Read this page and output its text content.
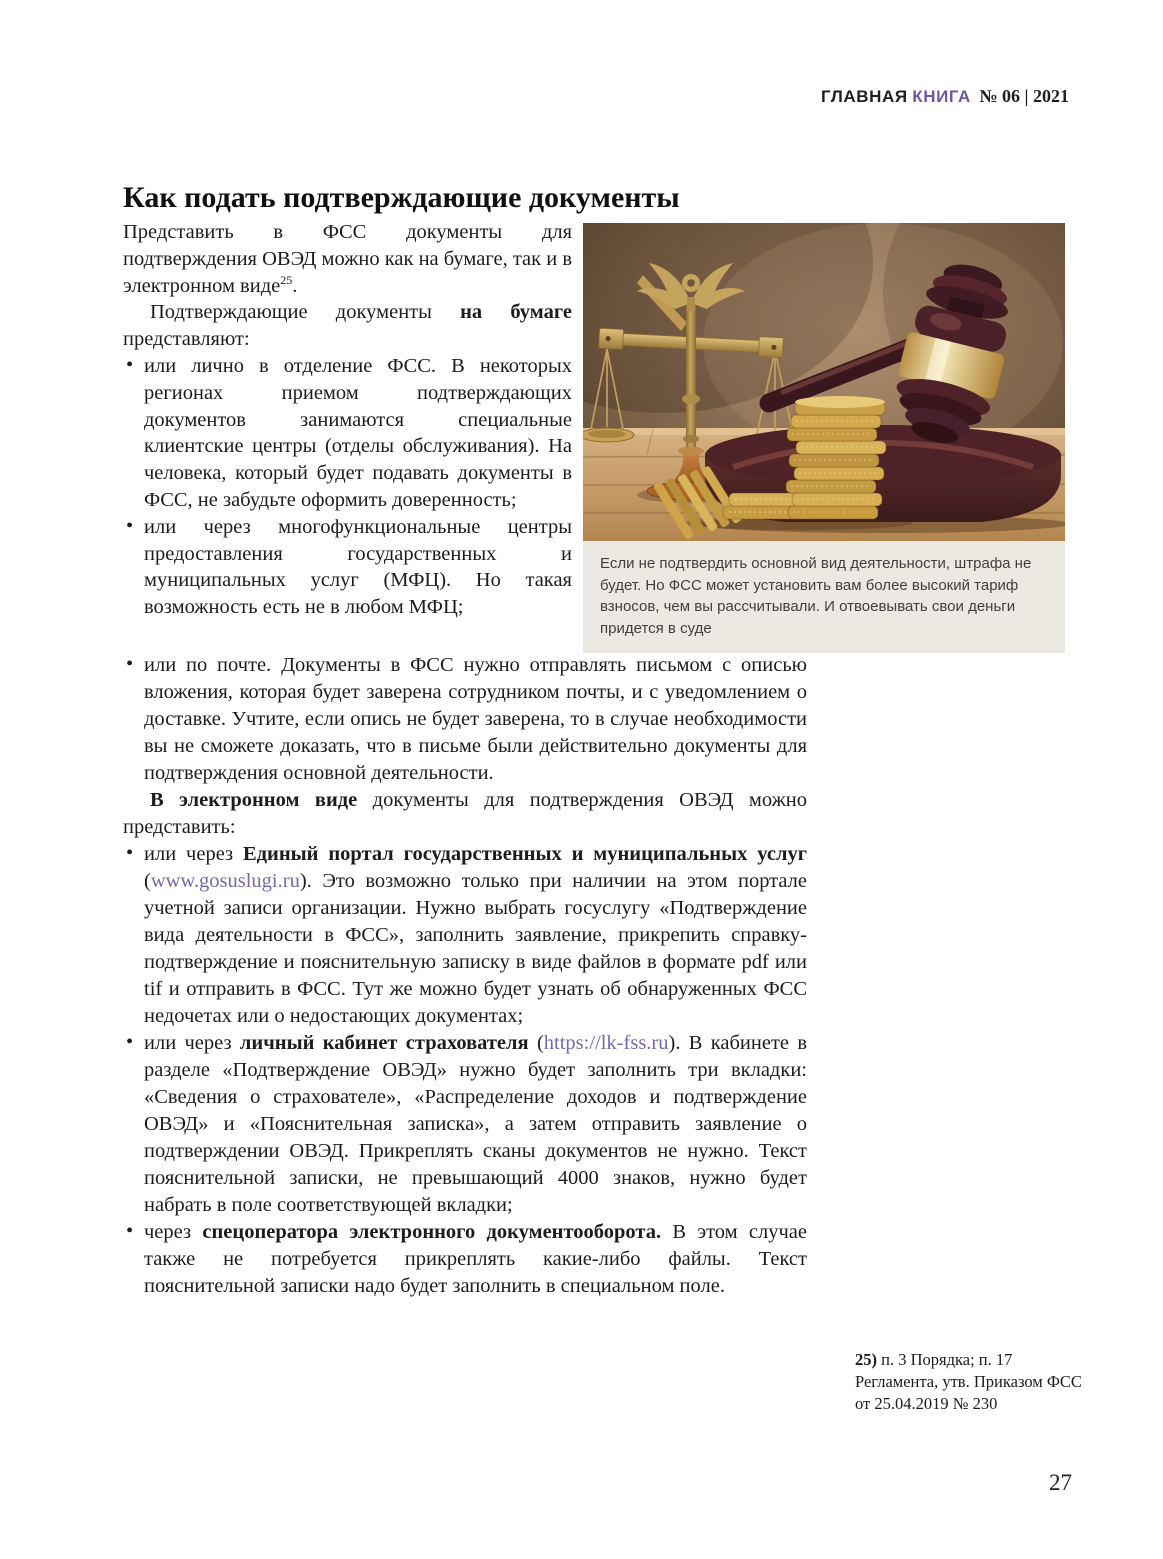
ГЛАВНАЯ КНИГА № 06 | 2021
Как подать подтверждающие документы

Представить в ФСС документы для подтверждения ОВЭД можно как на бумаге, так и в электронном виде$^{25}$.

Подтверждающие документы на бумаге представляют:

• или лично в отделение ФСС. В некоторых регионах приемом подтверждающих документов занимаются специальные клиентские центры (отделы обслуживания). На человека, который будет подавать документы в ФСС, не забудьте оформить доверенность;
• или через многофункциональные центры предоставления государственных и муниципальных услуг (МФЦ). Но такая возможность есть не в любом МФЦ;
Если не подтвердить основной вид деятельности, штрафа не будет. Но ФСС может установить вам более высокий тариф взносов, чем вы рассчитывали. И отвоевывать свои деньги придется в суде
• или по почте. Документы в ФСС нужно отправлять письмом с описью вложения, которая будет заверена сотрудником почты, и с уведомлением о доставке. Учтите, если опись не будет заверена, то в случае необходимости вы не сможете доказать, что в письме были действительно документы для подтверждения основной деятельности.

В электронном виде документы для подтверждения ОВЭД можно представить:

• или через Единый портал государственных и муниципальных услуг (www.gosuslugi.ru). Это возможно только при наличии на этом портале учетной записи организации. Нужно выбрать госуслугу «Подтверждение вида деятельности в ФСС», заполнить заявление, прикрепить справку-подтверждение и пояснительную записку в виде файлов в формате pdf или tif и отправить в ФСС. Тут же можно будет узнать об обнаруженных ФСС недочетах или о недостающих документах;
• или через личный кабинет страхователя (https://lk-fss.ru). В кабинете в разделе «Подтверждение ОВЭД» нужно будет заполнить три вкладки: «Сведения о страхователе», «Распределение доходов и подтверждение ОВЭД» и «Пояснительная записка», а затем отправить заявление о подтверждении ОВЭД. Прикреплять сканы документов не нужно. Текст пояснительной записки, не превышающий 4000 знаков, нужно будет набрать в поле соответствующей вкладки;
• через спецоператора электронного документооборота. В этом случае также не потребуется прикреплять какие-либо файлы. Текст пояснительной записки надо будет заполнить в специальном поле.
25) п. 3 Порядка; п. 17 Регламента, утв. Приказом ФСС от 25.04.2019 № 230
27
